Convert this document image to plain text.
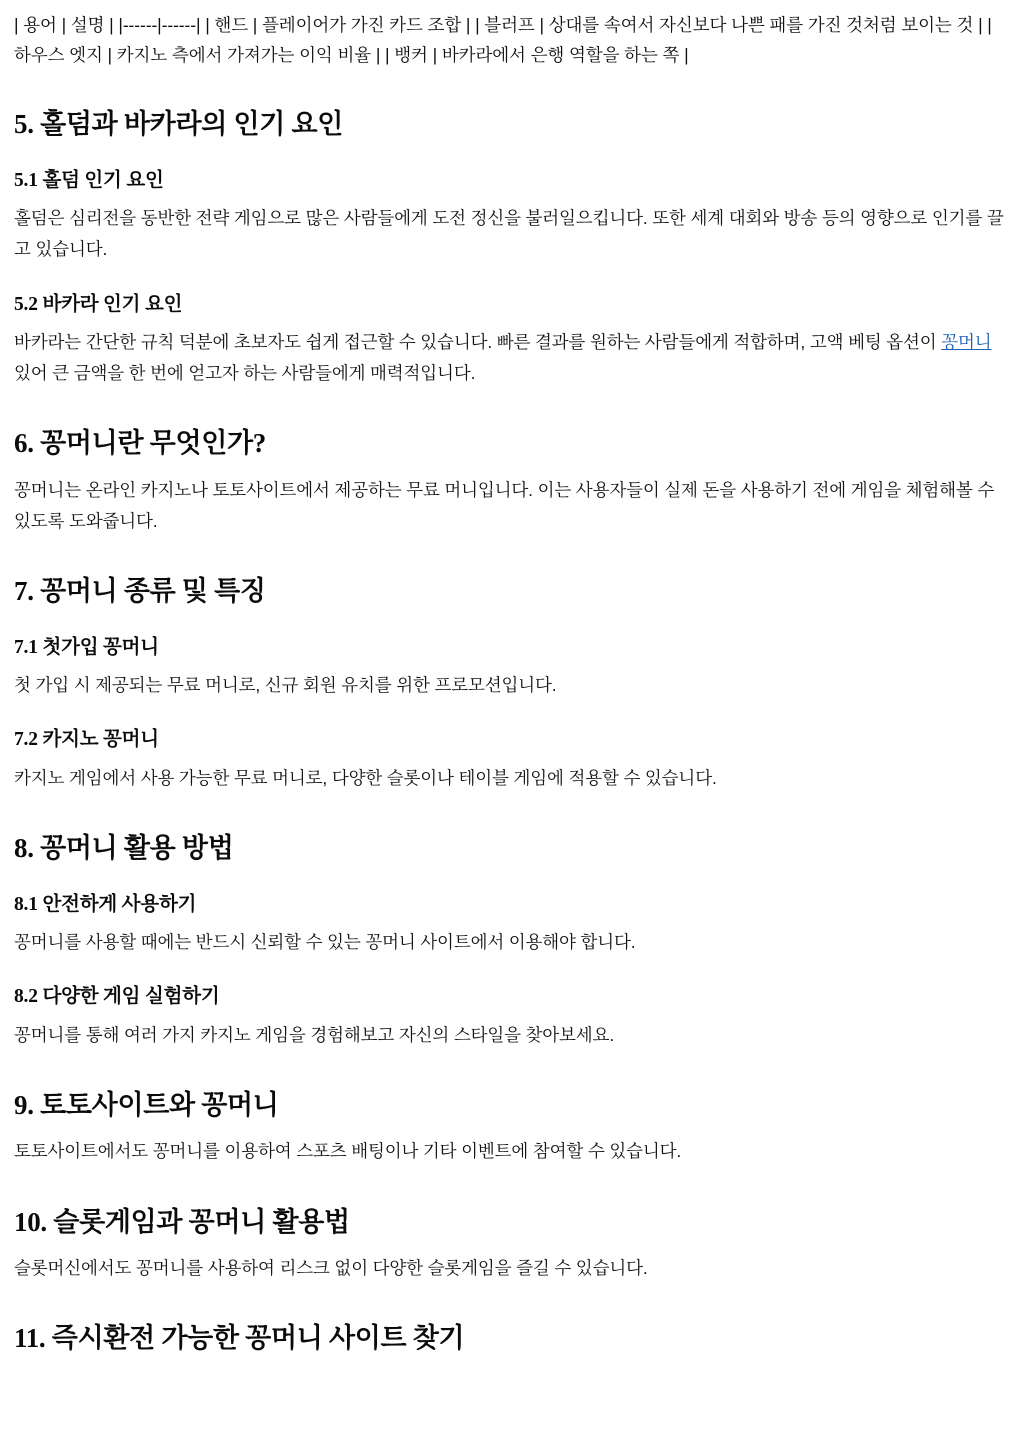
| 용어 | 설명 | |------|------| | 핸드 | 플레이어가 가진 카드 조합 | | 블러프 | 상대를 속여서 자신보다 나쁜 패를 가진 것처럼 보이는 것 | | 하우스 엣지 | 카지노 측에서 가져가는 이익 비율 | | 뱅커 | 바카라에서 은행 역할을 하는 쪽 |

5. 홀덤과 바카라의 인기 요인
5.1 홀덤 인기 요인

홀덤은 심리전을 동반한 전략 게임으로 많은 사람들에게 도전 정신을 불러일으킵니다. 또한 세계 대회와 방송 등의 영향으로 인기를 끌고 있습니다.

5.2 바카라 인기 요인

바카라는 간단한 규칙 덕분에 초보자도 쉽게 접근할 수 있습니다. 빠른 결과를 원하는 사람들에게 적합하며, 고액 베팅 옵션이 꽁머니 있어 큰 금액을 한 번에 얻고자 하는 사람들에게 매력적입니다.

6. 꽁머니란 무엇인가?

꽁머니는 온라인 카지노나 토토사이트에서 제공하는 무료 머니입니다. 이는 사용자들이 실제 돈을 사용하기 전에 게임을 체험해볼 수 있도록 도와줍니다.

7. 꽁머니 종류 및 특징
7.1 첫가입 꽁머니

첫 가입 시 제공되는 무료 머니로, 신규 회원 유치를 위한 프로모션입니다.

7.2 카지노 꽁머니

카지노 게임에서 사용 가능한 무료 머니로, 다양한 슬롯이나 테이블 게임에 적용할 수 있습니다.

8. 꽁머니 활용 방법
8.1 안전하게 사용하기

꽁머니를 사용할 때에는 반드시 신뢰할 수 있는 꽁머니 사이트에서 이용해야 합니다.

8.2 다양한 게임 실험하기

꽁머니를 통해 여러 가지 카지노 게임을 경험해보고 자신의 스타일을 찾아보세요.

9. 토토사이트와 꽁머니

토토사이트에서도 꽁머니를 이용하여 스포츠 배팅이나 기타 이벤트에 참여할 수 있습니다.

10. 슬롯게임과 꽁머니 활용법

슬롯머신에서도 꽁머니를 사용하여 리스크 없이 다양한 슬롯게임을 즐길 수 있습니다.

11. 즉시환전 가능한 꽁머니 사이트 찾기
